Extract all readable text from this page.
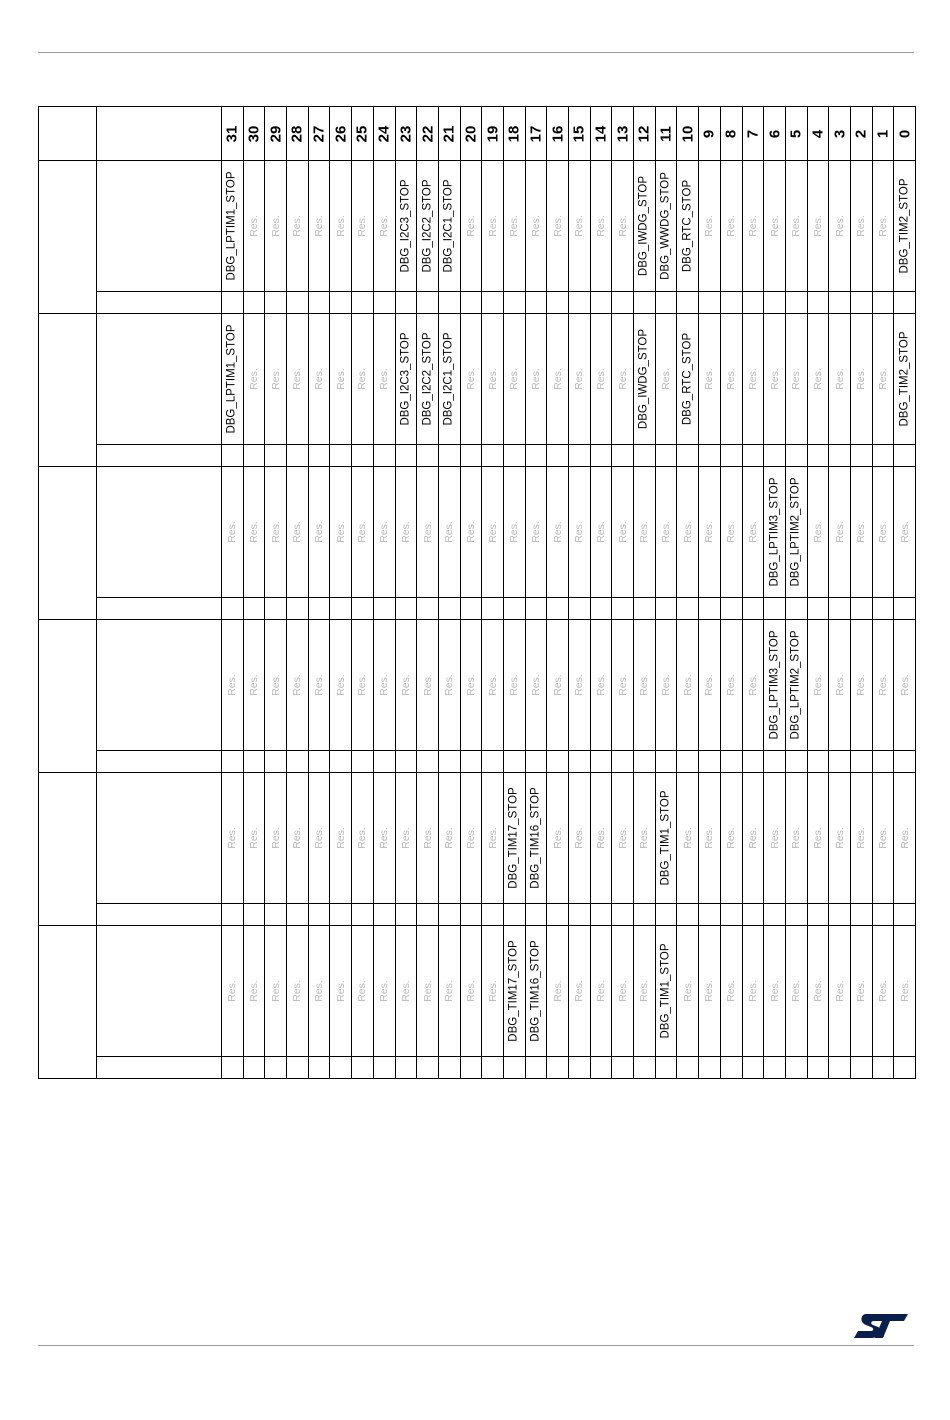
		31	30	29	28	27	26	25	24	23	22	21	20	19	18	17	16	15	14	13	12	11	10	9	8	7	6	5	4	3	2	1	0

		DBG_LPTIM1_STOP	Res.	Res.	Res.	Res.	Res.	Res.	Res.	DBG_I2C3_STOP	DBG_I2C2_STOP	DBG_I2C1_STOP	Res.	Res.	Res.	Res.	Res.	Res.	Res.	Res.	DBG_IWDG_STOP	DBG_WWDG_STOP	DBG_RTC_STOP	Res.	Res.	Res.	Res.	Res.	Res.	Res.	Res.	Res.	DBG_TIM2_STOP

		DBG_LPTIM1_STOP	Res.	Res.	Res.	Res.	Res.	Res.	Res.	DBG_I2C3_STOP	DBG_I2C2_STOP	DBG_I2C1_STOP	Res.	Res.	Res.	Res.	Res.	Res.	Res.	Res.	DBG_IWDG_STOP	Res.	DBG_RTC_STOP	Res.	Res.	Res.	Res.	Res.	Res.	Res.	Res.	Res.	DBG_TIM2_STOP

		Res.	Res.	Res.	Res.	Res.	Res.	Res.	Res.	Res.	Res.	Res.	Res.	Res.	Res.	Res.	Res.	Res.	Res.	Res.	Res.	Res.	Res.	Res.	Res.	Res.	DBG_LPTIM3_STOP	DBG_LPTIM2_STOP	Res.	Res.	Res.	Res.	Res.

		Res.	Res.	Res.	Res.	Res.	Res.	Res.	Res.	Res.	Res.	Res.	Res.	Res.	Res.	Res.	Res.	Res.	Res.	Res.	Res.	Res.	Res.	Res.	Res.	Res.	DBG_LPTIM3_STOP	DBG_LPTIM2_STOP	Res.	Res.	Res.	Res.	Res.

		Res.	Res.	Res.	Res.	Res.	Res.	Res.	Res.	Res.	Res.	Res.	Res.	Res.	DBG_TIM17_STOP	DBG_TIM16_STOP	Res.	Res.	Res.	Res.	Res.	DBG_TIM1_STOP	Res.	Res.	Res.	Res.	Res.	Res.	Res.	Res.	Res.	Res.	Res.

		Res.	Res.	Res.	Res.	Res.	Res.	Res.	Res.	Res.	Res.	Res.	Res.	Res.	DBG_TIM17_STOP	DBG_TIM16_STOP	Res.	Res.	Res.	Res.	Res.	DBG_TIM1_STOP	Res.	Res.	Res.	Res.	Res.	Res.	Res.	Res.	Res.	Res.	Res.
